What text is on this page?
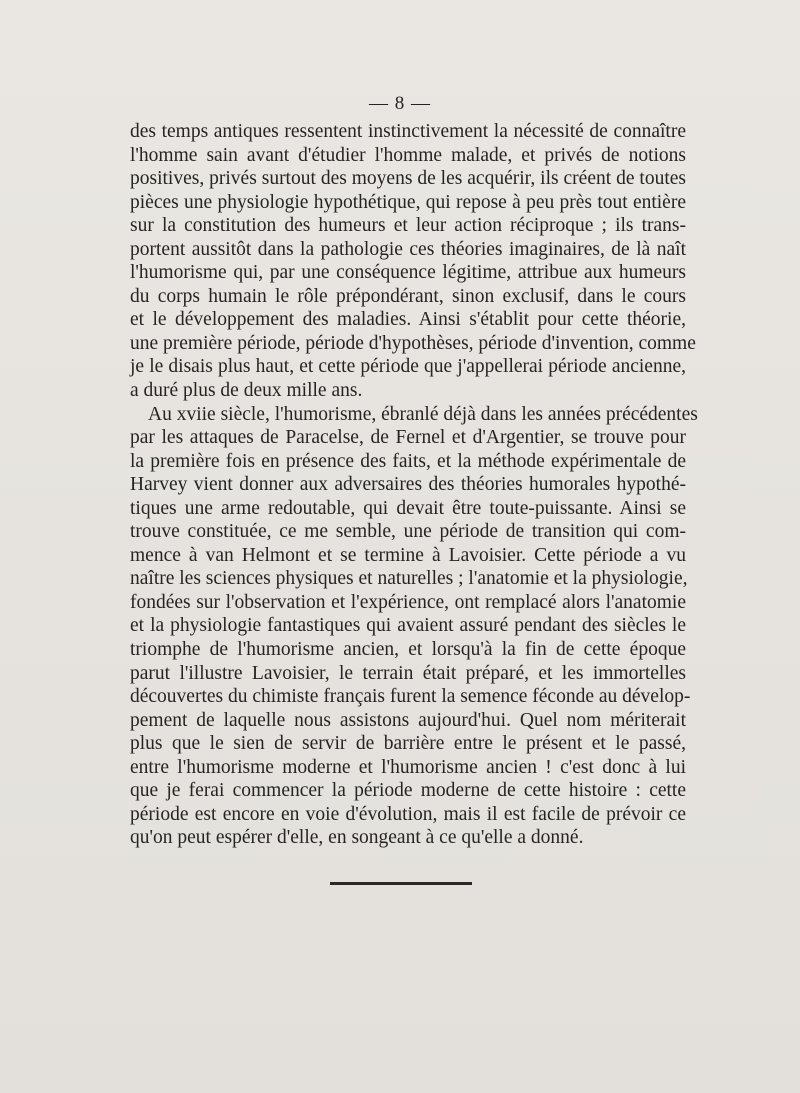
— 8 —
des temps antiques ressentent instinctivement la nécessité de connaître
l'homme sain avant d'étudier l'homme malade, et privés de notions
positives, privés surtout des moyens de les acquérir, ils créent de toutes
pièces une physiologie hypothétique, qui repose à peu près tout entière
sur la constitution des humeurs et leur action réciproque ; ils trans-
portent aussitôt dans la pathologie ces théories imaginaires, de là naît
l'humorisme qui, par une conséquence légitime, attribue aux humeurs
du corps humain le rôle prépondérant, sinon exclusif, dans le cours
et le développement des maladies. Ainsi s'établit pour cette théorie,
une première période, période d'hypothèses, période d'invention, comme
je le disais plus haut, et cette période que j'appellerai période ancienne,
a duré plus de deux mille ans.
Au xviie siècle, l'humorisme, ébranlé déjà dans les années précédentes
par les attaques de Paracelse, de Fernel et d'Argentier, se trouve pour
la première fois en présence des faits, et la méthode expérimentale de
Harvey vient donner aux adversaires des théories humorales hypothé-
tiques une arme redoutable, qui devait être toute-puissante. Ainsi se
trouve constituée, ce me semble, une période de transition qui com-
mence à van Helmont et se termine à Lavoisier. Cette période a vu
naître les sciences physiques et naturelles ; l'anatomie et la physiologie,
fondées sur l'observation et l'expérience, ont remplacé alors l'anatomie
et la physiologie fantastiques qui avaient assuré pendant des siècles le
triomphe de l'humorisme ancien, et lorsqu'à la fin de cette époque
parut l'illustre Lavoisier, le terrain était préparé, et les immortelles
découvertes du chimiste français furent la semence féconde au dévelop-
pement de laquelle nous assistons aujourd'hui. Quel nom mériterait
plus que le sien de servir de barrière entre le présent et le passé,
entre l'humorisme moderne et l'humorisme ancien ! c'est donc à lui
que je ferai commencer la période moderne de cette histoire : cette
période est encore en voie d'évolution, mais il est facile de prévoir ce
qu'on peut espérer d'elle, en songeant à ce qu'elle a donné.
